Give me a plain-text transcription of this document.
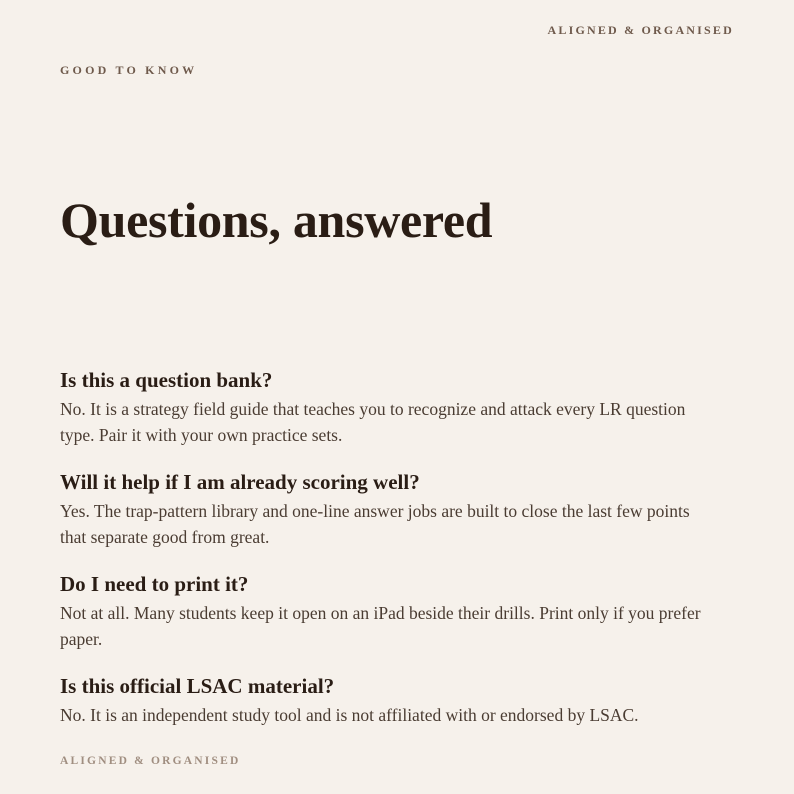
ALIGNED & ORGANISED
GOOD TO KNOW
Questions, answered
Is this a question bank?

No. It is a strategy field guide that teaches you to recognize and attack every LR question type. Pair it with your own practice sets.

Will it help if I am already scoring well?

Yes. The trap-pattern library and one-line answer jobs are built to close the last few points that separate good from great.

Do I need to print it?

Not at all. Many students keep it open on an iPad beside their drills. Print only if you prefer paper.

Is this official LSAC material?

No. It is an independent study tool and is not affiliated with or endorsed by LSAC.

ALIGNED & ORGANISED
